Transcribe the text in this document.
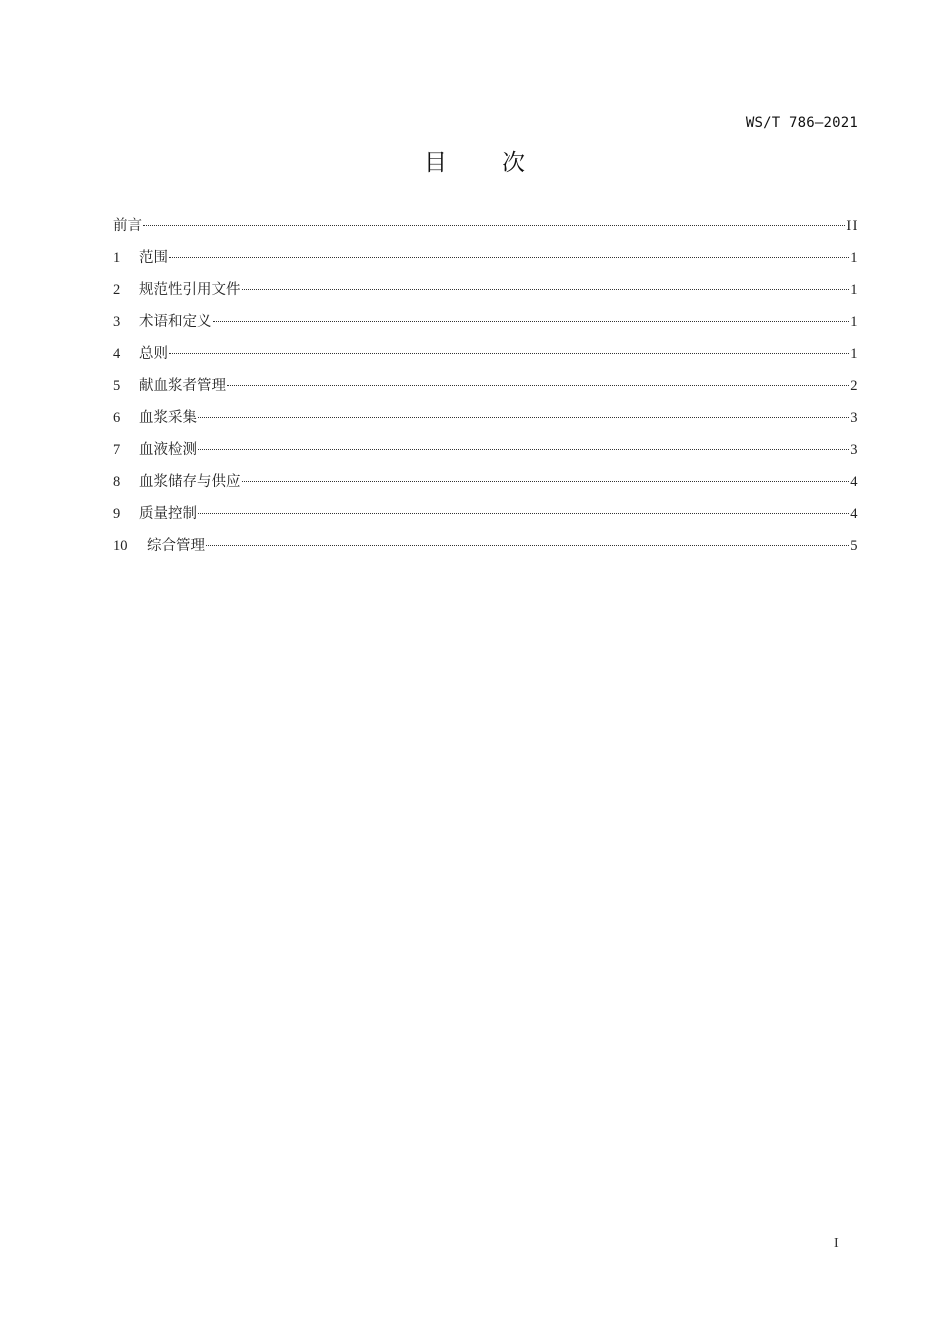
WS/T 786—2021
目 次
前言	II
1	范围	1
2	规范性引用文件	1
3	术语和定义	1
4	总则	1
5	献血浆者管理	2
6	血浆采集	3
7	血液检测	3
8	血浆储存与供应	4
9	质量控制	4
10	综合管理	5
I
